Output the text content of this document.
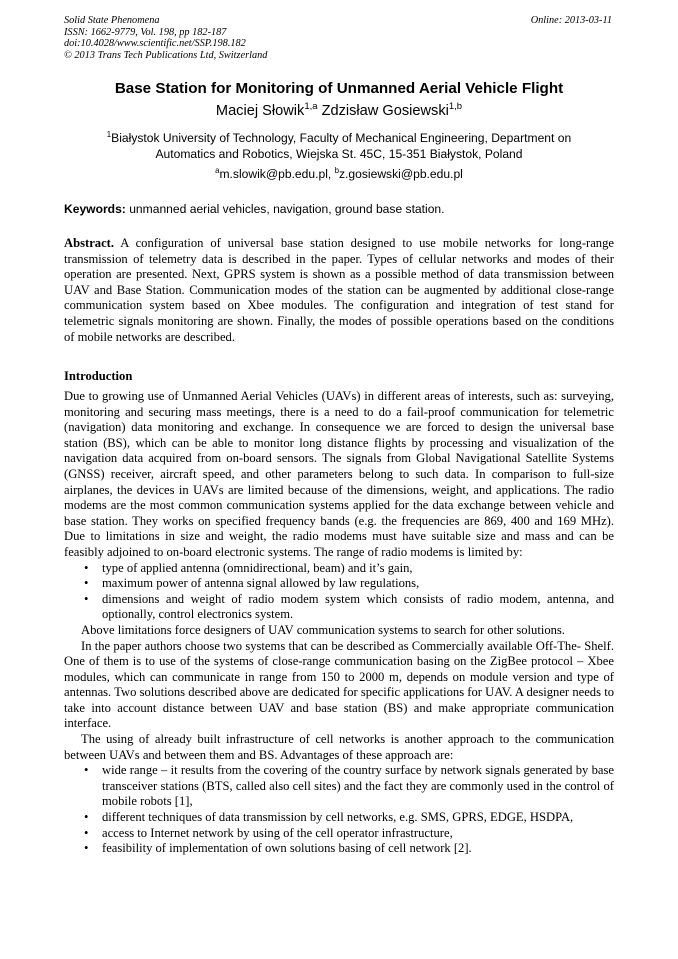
Solid State Phenomena
ISSN: 1662-9779, Vol. 198, pp 182-187
doi:10.4028/www.scientific.net/SSP.198.182
© 2013 Trans Tech Publications Ltd, Switzerland
Online: 2013-03-11
Base Station for Monitoring of Unmanned Aerial Vehicle Flight
Maciej Słowik$^{1,a}$ Zdzisław Gosiewski$^{1,b}$
$^1$Białystok University of Technology, Faculty of Mechanical Engineering, Department on
Automatics and Robotics, Wiejska St. 45C, 15-351 Białystok, Poland
$^a$m.slowik@pb.edu.pl, $^b$z.gosiewski@pb.edu.pl
Keywords: unmanned aerial vehicles, navigation, ground base station.
Abstract. A configuration of universal base station designed to use mobile networks for long-range transmission of telemetry data is described in the paper. Types of cellular networks and modes of their operation are presented. Next, GPRS system is shown as a possible method of data transmission between UAV and Base Station. Communication modes of the station can be augmented by additional close-range communication system based on Xbee modules. The configuration and integration of test stand for telemetric signals monitoring are shown. Finally, the modes of possible operations based on the conditions of mobile networks are described.
Introduction

Due to growing use of Unmanned Aerial Vehicles (UAVs) in different areas of interests, such as: surveying, monitoring and securing mass meetings, there is a need to do a fail-proof communication for telemetric (navigation) data monitoring and exchange. In consequence we are forced to design the universal base station (BS), which can be able to monitor long distance flights by processing and visualization of the navigation data acquired from on-board sensors. The signals from Global Navigational Satellite Systems (GNSS) receiver, aircraft speed, and other parameters belong to such data. In comparison to full-size airplanes, the devices in UAVs are limited because of the dimensions, weight, and applications. The radio modems are the most common communication systems applied for the data exchange between vehicle and base station. They works on specified frequency bands (e.g. the frequencies are 869, 400 and 169 MHz). Due to limitations in size and weight, the radio modems must have suitable size and mass and can be feasibly adjoined to on-board electronic systems. The range of radio modems is limited by:

• type of applied antenna (omnidirectional, beam) and it’s gain,
• maximum power of antenna signal allowed by law regulations,
• dimensions and weight of radio modem system which consists of radio modem, antenna, and optionally, control electronics system.

Above limitations force designers of UAV communication systems to search for other solutions.

In the paper authors choose two systems that can be described as Commercially available Off-The- Shelf. One of them is to use of the systems of close-range communication basing on the ZigBee protocol – Xbee modules, which can communicate in range from 150 to 2000 m, depends on module version and type of antennas. Two solutions described above are dedicated for specific applications for UAV. A designer needs to take into account distance between UAV and base station (BS) and make appropriate communication interface.

The using of already built infrastructure of cell networks is another approach to the communication between UAVs and between them and BS. Advantages of these approach are:

• wide range – it results from the covering of the country surface by network signals generated by base transceiver stations (BTS, called also cell sites) and the fact they are commonly used in the control of mobile robots [1],
• different techniques of data transmission by cell networks, e.g. SMS, GPRS, EDGE, HSDPA,
• access to Internet network by using of the cell operator infrastructure,
• feasibility of implementation of own solutions basing of cell network [2].
